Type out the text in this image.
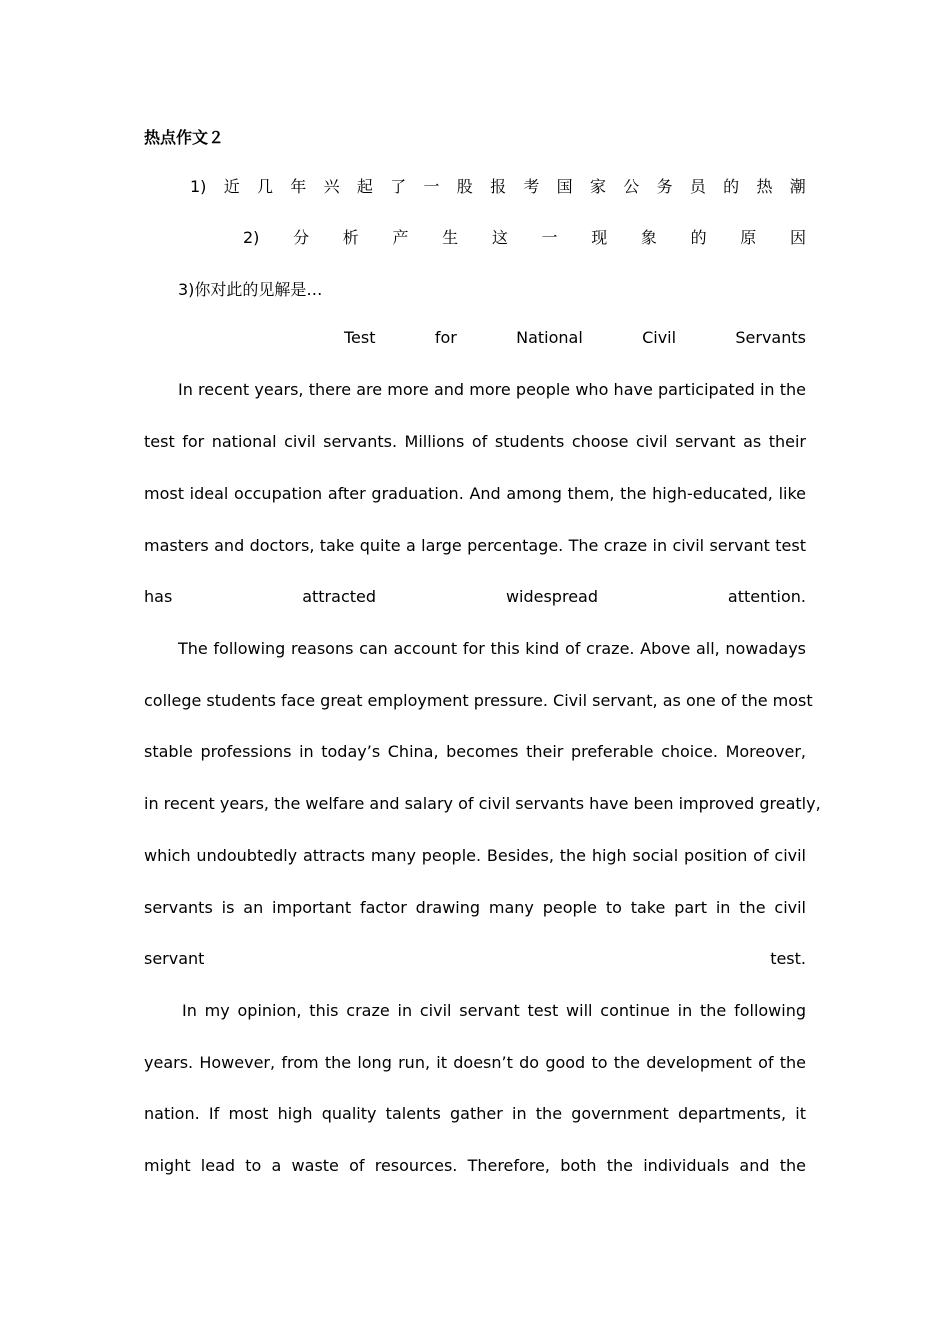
热点作文２
1) 近 几 年 兴 起 了 一 股 报 考 国 家 公 务 员 的 热 潮
2) 分 析 产 生 这 一 现 象 的 原 因
3)你对此的见解是…
Test	for	National	Civil	Servants
In recent years, there are more and more people who have participated in the
test for national civil servants. Millions of students choose civil servant as their
most ideal occupation after graduation. And among them, the high-educated, like
masters and doctors, take quite a large percentage. The craze in civil servant test
has	attracted	widespread	attention.
The following reasons can account for this kind of craze. Above all, nowadays
college students face great employment pressure. Civil servant, as one of the most
stable professions in today’s China, becomes their preferable choice. Moreover,
in recent years, the welfare and salary of civil servants have been improved greatly,
which undoubtedly attracts many people. Besides, the high social position of civil
servants is an important factor drawing many people to take part in the civil
servant	test.
In my opinion, this craze in civil servant test will continue in the following
years. However, from the long run, it doesn’t do good to the development of the
nation. If most high quality talents gather in the government departments, it
might lead to a waste of resources. Therefore, both the individuals and the
